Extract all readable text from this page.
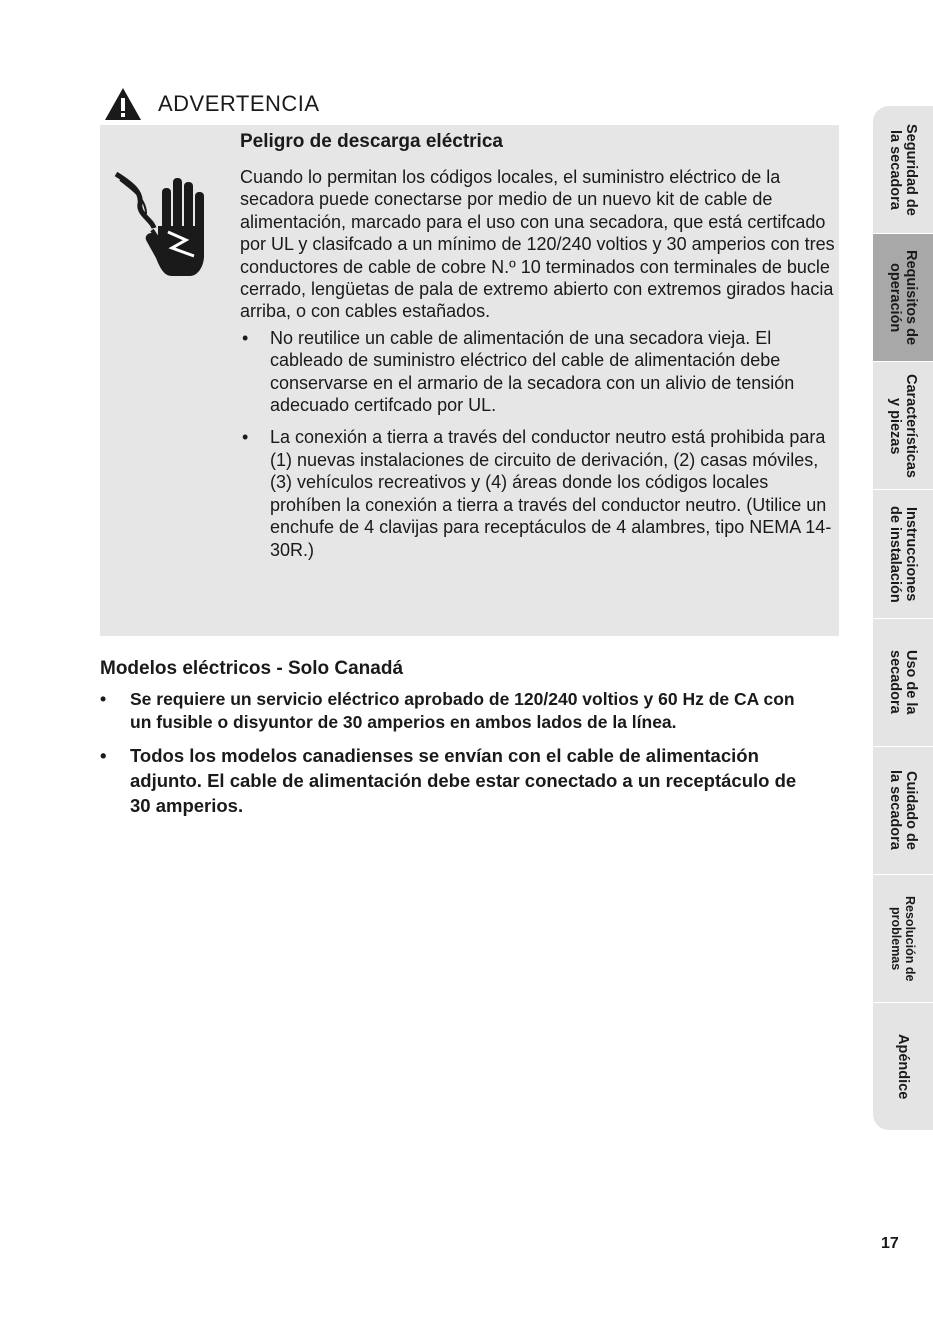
ADVERTENCIA

Peligro de descarga eléctrica

Cuando lo permitan los códigos locales, el suministro eléctrico de la secadora puede conectarse por medio de un nuevo kit de cable de alimentación, marcado para el uso con una secadora, que está certifcado por UL y clasifcado a un mínimo de 120/240 voltios y 30 amperios con tres conductores de cable de cobre N.º 10 terminados con terminales de bucle cerrado, lengüetas de pala de extremo abierto con extremos girados hacia arriba, o con cables estañados.

• No reutilice un cable de alimentación de una secadora vieja. El cableado de suministro eléctrico del cable de alimentación debe conservarse en el armario de la secadora con un alivio de tensión adecuado certifcado por UL.
• La conexión a tierra a través del conductor neutro está prohibida para (1) nuevas instalaciones de circuito de derivación, (2) casas móviles, (3) vehículos recreativos y (4) áreas donde los códigos locales prohíben la conexión a tierra a través del conductor neutro. (Utilice un enchufe de 4 clavijas para receptáculos de 4 alambres, tipo NEMA 14-30R.)

Modelos eléctricos - Solo Canadá

• Se requiere un servicio eléctrico aprobado de 120/240 voltios y 60 Hz de CA con un fusible o disyuntor de 30 amperios en ambos lados de la línea.
• Todos los modelos canadienses se envían con el cable de alimentación adjunto. El cable de alimentación debe estar conectado a un receptáculo de 30 amperios.
Seguridad de
la secadora
Requisitos de
operación
Características
y piezas
Instrucciones
de instalación
Uso de la
secadora
Cuidado de
la secadora
Resolución de
problemas
Apéndice
17
